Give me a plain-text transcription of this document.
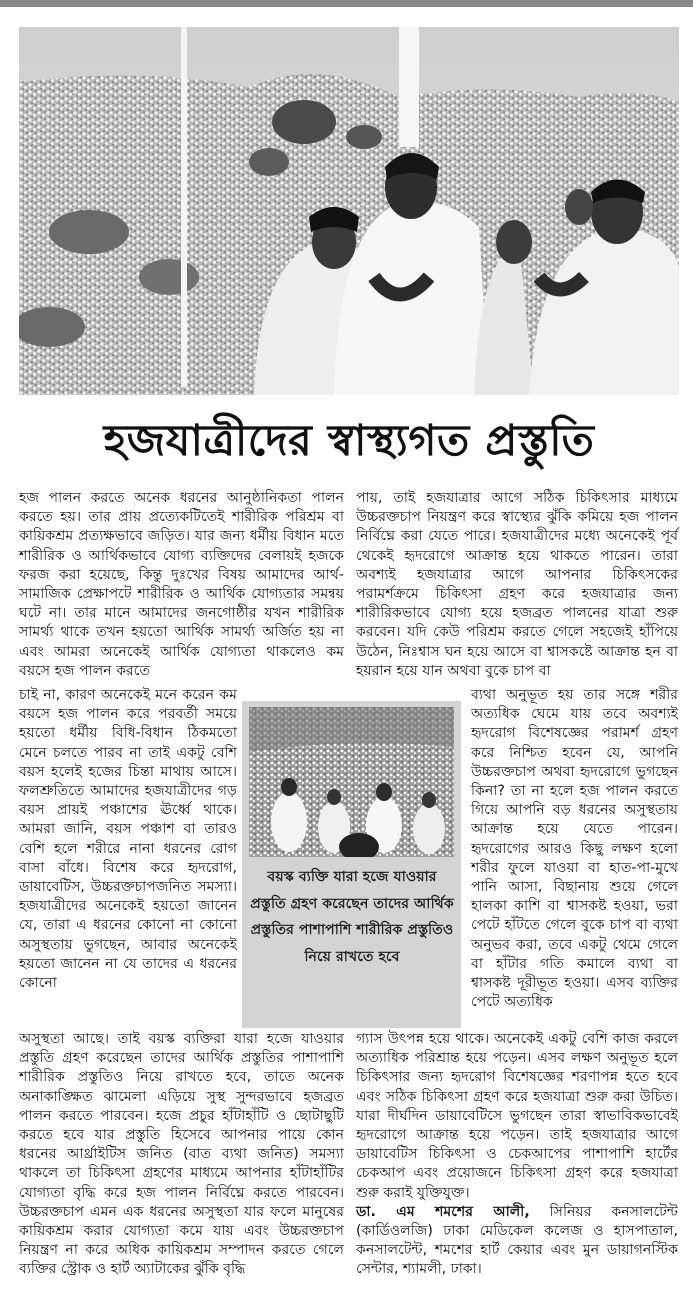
হজযাত্রীদের স্বাস্থ্যগত প্রস্তুতি

হজ পালন করতে অনেক ধরনের আনুষ্ঠানিকতা পালন করতে হয়। তার প্রায় প্রত্যেকটিতেই শারীরিক পরিশ্রম বা কায়িকশ্রম প্রত্যক্ষভাবে জড়িত। যার জন্য ধর্মীয় বিধান মতে শারীরিক ও আর্থিকভাবে যোগ্য ব্যক্তিদের বেলায়ই হজকে ফরজ করা হয়েছে, কিন্তু দুঃখের বিষয় আমাদের আর্থ-সামাজিক প্রেক্ষাপটে শারীরিক ও আর্থিক যোগ্যতার সমন্বয় ঘটে না। তার মানে আমাদের জনগোষ্ঠীর যখন শারীরিক সামর্থ্য থাকে তখন হয়তো আর্থিক সামর্থ্য অর্জিত হয় না এবং আমরা অনেকেই আর্থিক যোগ্যতা থাকলেও কম বয়সে হজ পালন করতে

চাই না, কারণ অনেকেই মনে করেন কম বয়সে হজ পালন করে পরবর্তী সময়ে হয়তো ধর্মীয় বিধি-বিধান ঠিকমতো মেনে চলতে পারব না তাই একটু বেশি বয়স হলেই হজের চিন্তা মাথায় আসে। ফলশ্রুতিতে আমাদের হজযাত্রীদের গড় বয়স প্রায়ই পঞ্চাশের ঊর্ধ্বে থাকে। আমরা জানি, বয়স পঞ্চাশ বা তারও বেশি হলে শরীরে নানা ধরনের রোগ বাসা বাঁধে। বিশেষ করে হৃদরোগ, ডায়াবেটিস, উচ্চরক্তচাপজনিত সমস্যা। হজযাত্রীদের অনেকেই হয়তো জানেন যে, তারা এ ধরনের কোনো না কোনো অসুস্থতায় ভুগছেন, আবার অনেকেই হয়তো জানেন না যে তাদের এ ধরনের কোনো

অসুস্থতা আছে। তাই বয়স্ক ব্যক্তিরা যারা হজে যাওয়ার প্রস্তুতি গ্রহণ করেছেন তাদের আর্থিক প্রস্তুতির পাশাপাশি শারীরিক প্রস্তুতিও নিয়ে রাখতে হবে, তাতে অনেক অনাকাঙ্ক্ষিত ঝামেলা এড়িয়ে সুস্থ সুন্দরভাবে হজব্রত পালন করতে পারবেন। হজে প্রচুর হাঁটাহাঁটি ও ছোটাছুটি করতে হবে যার প্রস্তুতি হিসেবে আপনার পায়ে কোন ধরনের আর্থ্রাইটিস জনিত (বাত ব্যথা জনিত) সমস্যা থাকলে তা চিকিৎসা গ্রহণের মাধ্যমে আপনার হাঁটাহাঁটির যোগ্যতা বৃদ্ধি করে হজ পালন নির্বিঘ্নে করতে পারবেন। উচ্চরক্তচাপ এমন এক ধরনের অসুস্থতা যার ফলে মানুষের কায়িকশ্রম করার যোগ্যতা কমে যায় এবং উচ্চরক্তচাপ নিয়ন্ত্রণ না করে অধিক কায়িকশ্রম সম্পাদন করতে গেলে ব্যক্তির স্ট্রোক ও হার্ট অ্যাটাকের ঝুঁকি বৃদ্ধি

পায়, তাই হজযাত্রার আগে সঠিক চিকিৎসার মাধ্যমে উচ্চরক্তচাপ নিয়ন্ত্রণ করে স্বাস্থ্যের ঝুঁকি কমিয়ে হজ পালন নির্বিঘ্নে করা যেতে পারে। হজযাত্রীদের মধ্যে অনেকেই পূর্ব থেকেই হৃদরোগে আক্রান্ত হয়ে থাকতে পারেন। তারা অবশ্যই হজযাত্রার আগে আপনার চিকিৎসকের পরামর্শক্রমে চিকিৎসা গ্রহণ করে হজযাত্রার জন্য শারীরিকভাবে যোগ্য হয়ে হজব্রত পালনের যাত্রা শুরু করবেন। যদি কেউ পরিশ্রম করতে গেলে সহজেই হাঁপিয়ে উঠেন, নিঃশ্বাস ঘন হয়ে আসে বা শ্বাসকষ্টে আক্রান্ত হন বা হয়রান হয়ে যান অথবা বুকে চাপ বা

ব্যথা অনুভূত হয় তার সঙ্গে শরীর অত্যধিক ঘেমে যায় তবে অবশ্যই হৃদরোগ বিশেষজ্ঞের পরামর্শ গ্রহণ করে নিশ্চিত হবেন যে, আপনি উচ্চরক্তচাপ অথবা হৃদরোগে ভুগছেন কিনা? তা না হলে হজ পালন করতে গিয়ে আপনি বড় ধরনের অসুস্থতায় আক্রান্ত হয়ে যেতে পারেন। হৃদরোগের আরও কিছু লক্ষণ হলো শরীর ফুলে যাওয়া বা হাত-পা-মুখে পানি আসা, বিছানায় শুয়ে গেলে হালকা কাশি বা শ্বাসকষ্ট হওয়া, ভরা পেটে হাঁটতে গেলে বুকে চাপ বা ব্যথা অনুভব করা, তবে একটু থেমে গেলে বা হাঁটার গতি কমালে ব্যথা বা শ্বাসকষ্ট দূরীভূত হওয়া। এসব ব্যক্তির পেটে অত্যধিক

গ্যাস উৎপন্ন হয়ে থাকে। অনেকেই একটু বেশি কাজ করলে অত্যাধিক পরিশ্রান্ত হয়ে পড়েন। এসব লক্ষণ অনুভূত হলে চিকিৎসার জন্য হৃদরোগ বিশেষজ্ঞের শরণাপন্ন হতে হবে এবং সঠিক চিকিৎসা গ্রহণ করে হজযাত্রা শুরু করা উচিত। যারা দীর্ঘদিন ডায়াবেটিসে ভুগছেন তারা স্বাভাবিকভাবেই হৃদরোগে আক্রান্ত হয়ে পড়েন। তাই হজযাত্রার আগে ডায়াবেটিস চিকিৎসা ও চেকআপের পাশাপাশি হার্টের চেকআপ এবং প্রয়োজনে চিকিৎসা গ্রহণ করে হজযাত্রা শুরু করাই যুক্তিযুক্ত।
ডা. এম শমশের আলী, সিনিয়র কনসালটেন্ট (কার্ডিওলজি) ঢাকা মেডিকেল কলেজ ও হাসপাতাল, কনসালটেন্ট, শমশের হার্ট কেয়ার এবং মুন ডায়াগনস্টিক সেন্টার, শ্যামলী, ঢাকা।

বয়স্ক ব্যক্তি যারা হজে যাওয়ার প্রস্তুতি গ্রহণ করেছেন তাদের আর্থিক প্রস্তুতির পাশাপাশি শারীরিক প্রস্তুতিও নিয়ে রাখতে হবে
